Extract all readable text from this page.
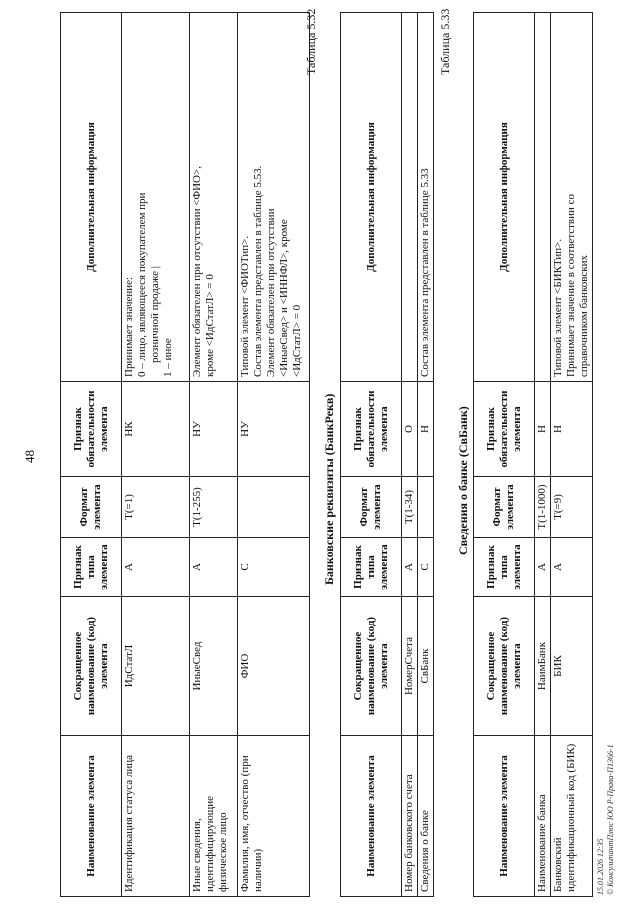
48
Наименование элемента	Сокращенное наименование (код) элемента	Признак типа элемента	Формат элемента	Признак обязательности элемента	Дополнительная информация
Идентификация статуса лица	ИдСтатЛ	А	Т(=1)	НК	Принимает значение: 0 – лицо, являющееся покупателем при розничной продаже | 1 – иное

Иные сведения, идентифицирующие физическое лицо	ИныеСвед	А	Т(1-255)	НУ	Элемент обязателен при отсутствии <ФИО>, кроме <ИдСтатЛ> = 0

Фамилия, имя, отчество (при наличии)	ФИО	С		НУ	Типовой элемент <ФИОТип>. Состав элемента представлен в таблице 5.53. Элемент обязателен при отсутствии <ИныеСвед> и <ИННФЛ>, кроме <ИдСтатЛ> = 0
Таблица 5.32
Банковские реквизиты (БанкРекв)
Наименование элемента	Сокращенное наименование (код) элемента	Признак типа элемента	Формат элемента	Признак обязательности элемента	Дополнительная информация
Номер банковского счета	НомерСчета	А	Т(1-34)	О	
Сведения о банке	СвБанк	С		Н	Состав элемента представлен в таблице 5.33
Таблица 5.33
Сведения о банке (СвБанк)
Наименование элемента	Сокращенное наименование (код) элемента	Признак типа элемента	Формат элемента	Признак обязательности элемента	Дополнительная информация
Наименование банка	НаимБанк	А	Т(1-1000)	Н	
Банковский идентификационный код (БИК)	БИК	А	Т(=9)	Н	Типовой элемент <БИКТип>. Принимает значение в соответствии со справочником банковских
15.01.2026 12:35 © КонсультантПлюс ЮО Р-Права-П1366-1
